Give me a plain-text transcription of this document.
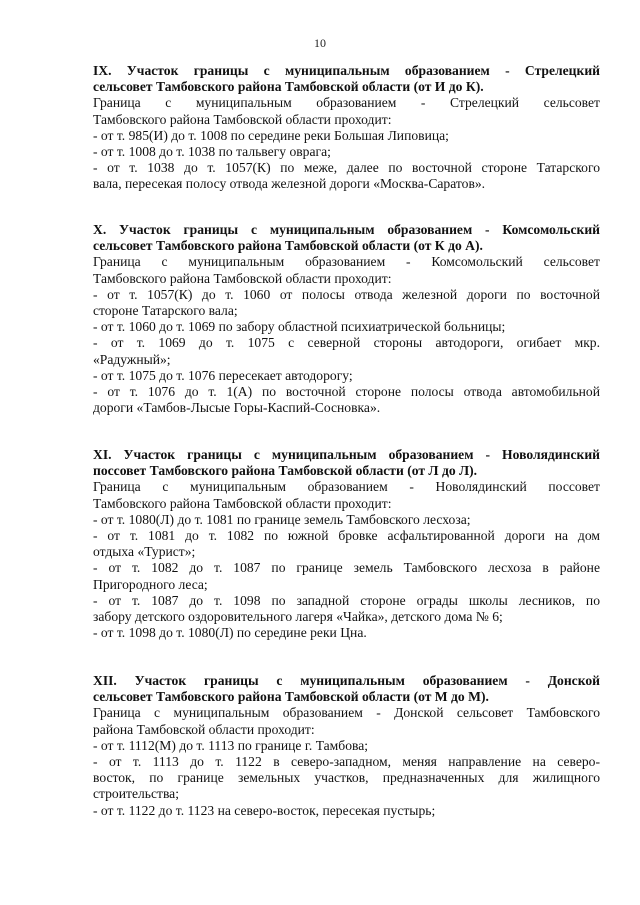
10
IX. Участок границы с муниципальным образованием - Стрелецкий
сельсовет Тамбовского района Тамбовской области (от И до К).
Граница с муниципальным образованием - Стрелецкий сельсовет
Тамбовского района Тамбовской области проходит:
- от т. 985(И) до т. 1008 по середине реки Большая Липовица;
- от т. 1008 до т. 1038 по тальвегу оврага;
- от т. 1038 до т. 1057(К) по меже, далее по восточной стороне Татарского
вала, пересекая полосу отвода железной дороги «Москва-Саратов».
X. Участок границы с муниципальным образованием - Комсомольский
сельсовет Тамбовского района Тамбовской области (от К до А).
Граница с муниципальным образованием - Комсомольский сельсовет
Тамбовского района Тамбовской области проходит:
- от т. 1057(К) до т. 1060 от полосы отвода железной дороги по восточной
стороне Татарского вала;
- от т. 1060 до т. 1069 по забору областной психиатрической больницы;
- от т. 1069 до т. 1075 с северной стороны автодороги, огибает мкр.
«Радужный»;
- от т. 1075 до т. 1076 пересекает автодорогу;
- от т. 1076 до т. 1(А) по восточной стороне полосы отвода автомобильной
дороги «Тамбов-Лысые Горы-Каспий-Сосновка».
XI. Участок границы с муниципальным образованием - Новолядинский
поссовет Тамбовского района Тамбовской области (от Л до Л).
Граница с муниципальным образованием - Новолядинский поссовет
Тамбовского района Тамбовской области проходит:
- от т. 1080(Л) до т. 1081 по границе земель Тамбовского лесхоза;
- от т. 1081 до т. 1082 по южной бровке асфальтированной дороги на дом
отдыха «Турист»;
- от т. 1082 до т. 1087 по границе земель Тамбовского лесхоза в районе
Пригородного леса;
- от т. 1087 до т. 1098 по западной стороне ограды школы лесников, по
забору детского оздоровительного лагеря «Чайка», детского дома № 6;
- от т. 1098 до т. 1080(Л) по середине реки Цна.
XII. Участок границы с муниципальным образованием - Донской
сельсовет Тамбовского района Тамбовской области (от М до М).
Граница с муниципальным образованием - Донской сельсовет Тамбовского
района Тамбовской области проходит:
- от т. 1112(М) до т. 1113 по границе г. Тамбова;
- от т. 1113 до т. 1122 в северо-западном, меняя направление на северо-
восток, по границе земельных участков, предназначенных для жилищного
строительства;
- от т. 1122 до т. 1123 на северо-восток, пересекая пустырь;
